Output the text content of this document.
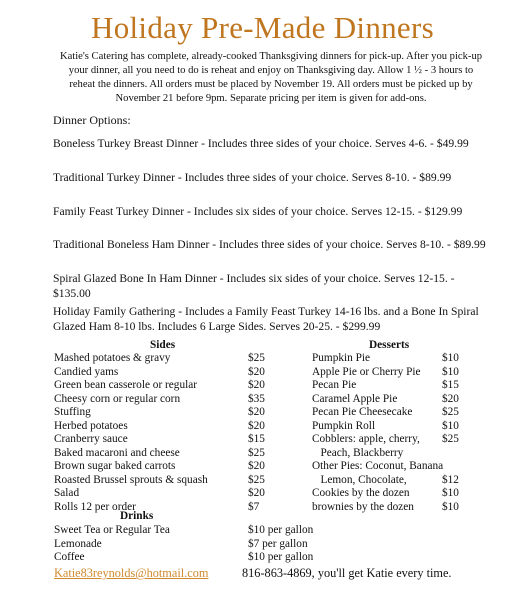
Holiday Pre-Made Dinners
Katie's Catering has complete, already-cooked Thanksgiving dinners for pick-up. After you pick-up your dinner, all you need to do is reheat and enjoy on Thanksgiving day. Allow 1 ½ - 3 hours to reheat the dinners. All orders must be placed by November 19. All orders must be picked up by November 21 before 9pm. Separate pricing per item is given for add-ons.
Dinner Options:
Boneless Turkey Breast Dinner - Includes three sides of your choice. Serves 4-6. - $49.99
Traditional Turkey Dinner - Includes three sides of your choice. Serves 8-10. - $89.99
Family Feast Turkey Dinner - Includes six sides of your choice. Serves 12-15. - $129.99
Traditional Boneless Ham Dinner - Includes three sides of your choice. Serves 8-10. - $89.99
Spiral Glazed Bone In Ham Dinner - Includes six sides of your choice. Serves 12-15. - $135.00
Holiday Family Gathering - Includes a Family Feast Turkey 14-16 lbs. and a Bone In Spiral Glazed Ham 8-10 lbs. Includes 6 Large Sides. Serves 20-25. - $299.99
Sides	Desserts
Mashed potatoes & gravy	$25
Candied yams	$20
Green bean casserole or regular	$20
Cheesy corn or regular corn	$35
Stuffing	$20
Herbed potatoes	$20
Cranberry sauce	$15
Baked macaroni and cheese	$25
Brown sugar baked carrots	$20
Roasted Brussel sprouts & squash	$25
Salad	$20
Rolls 12 per order	$7
Pumpkin Pie	$10
Apple Pie or Cherry Pie $10
Pecan Pie	$15
Caramel Apple Pie	$20
Pecan Pie Cheesecake	$25
Pumpkin Roll	$10
Cobblers: apple, cherry, $25
Peach, Blackberry
Other Pies: Coconut, Banana
Lemon, Chocolate,	$12
Cookies by the dozen	$10
brownies by the dozen $10
Drinks
Sweet Tea or Regular Tea	$10 per gallon
Lemonade	$7 per gallon
Coffee	$10 per gallon
Katie83reynolds@hotmail.com	816-863-4869, you'll get Katie every time.
